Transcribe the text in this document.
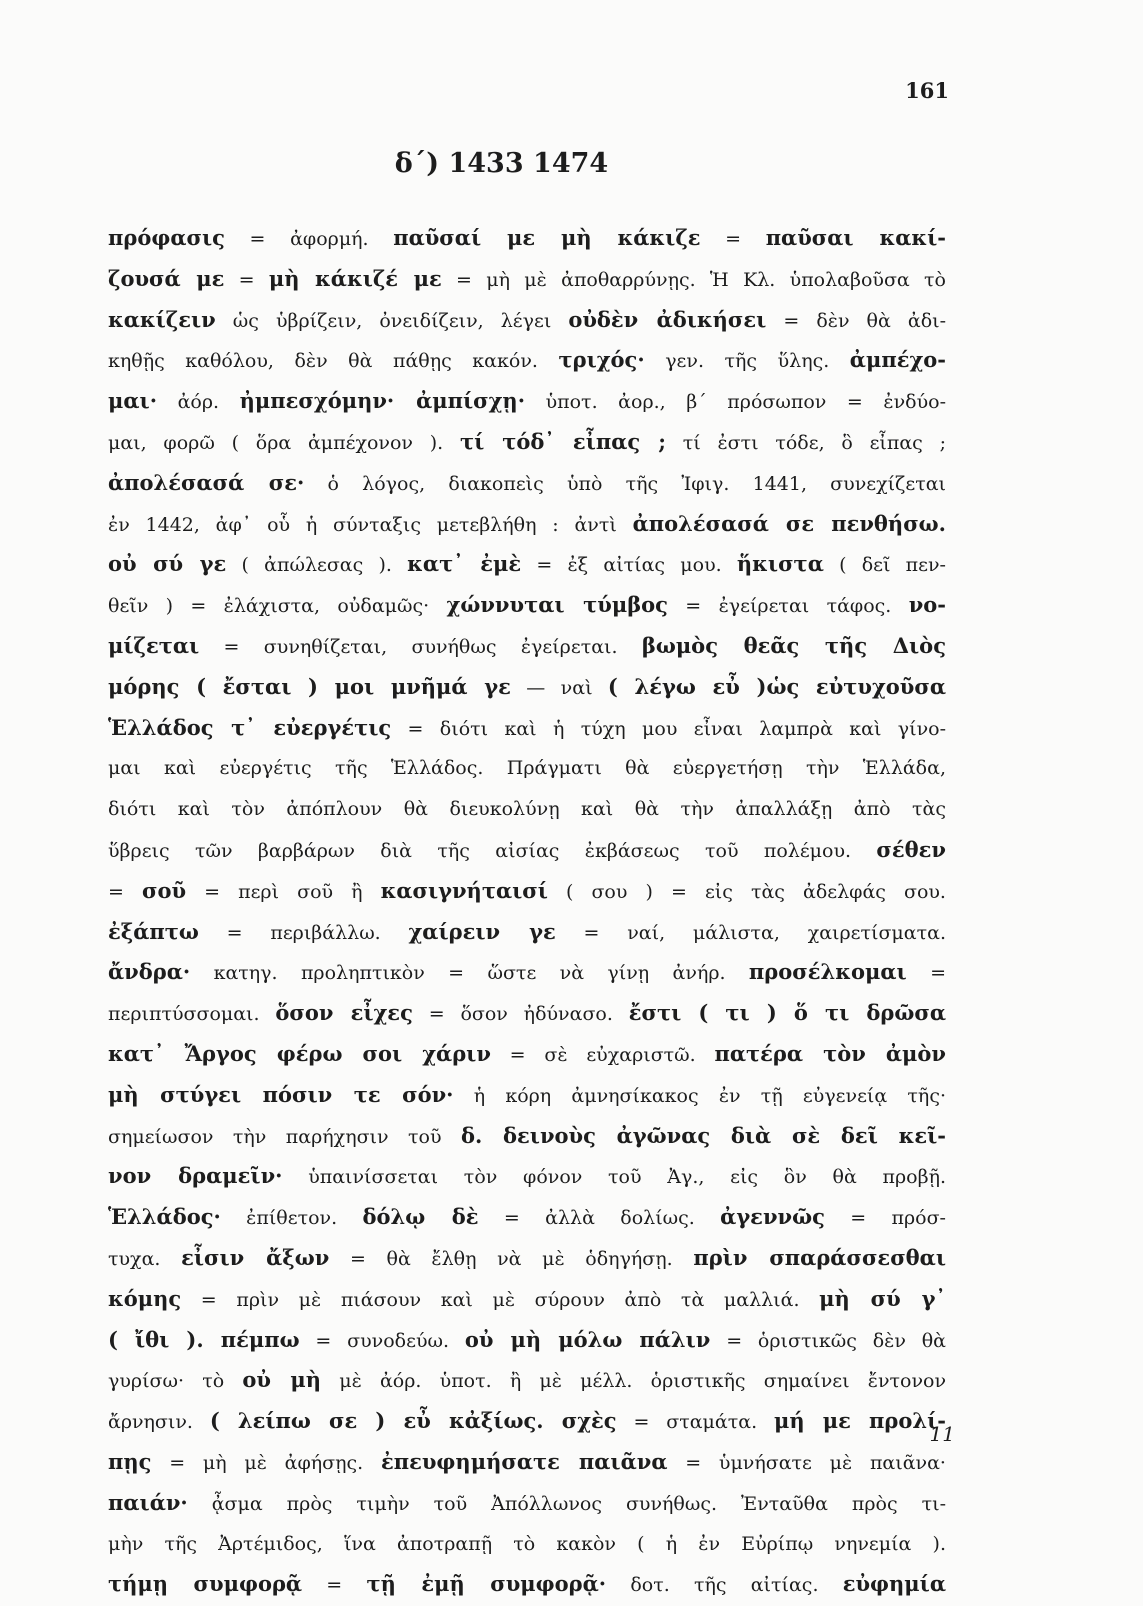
161
δ΄) 1433 1474
πρόφασις = ἀφορμή. παῦσαί με μὴ κάκιζε = παῦσαι κακί-
ζουσά με = μὴ κάκιζέ με = μὴ μὲ ἀποθαρρύνῃς. Ἡ Κλ. ὑπολαβοῦσα τὸ
κακίζειν ὡς ὑβρίζειν, ὀνειδίζειν, λέγει οὐδὲν ἀδικήσει = δὲν θὰ ἀδι-
κηθῇς καθόλου, δὲν θὰ πάθῃς κακόν. τριχός· γεν. τῆς ὕλης. ἀμπέχο-
μαι· ἀόρ. ἠμπεσχόμην· ἀμπίσχῃ· ὑποτ. ἀορ., β΄ πρόσωπον = ἐνδύο-
μαι, φορῶ ( ὅρα ἀμπέχονον ). τί τόδ᾽ εἶπας ; τί ἐστι τόδε, ὃ εἶπας ;
ἀπολέσασά σε· ὁ λόγος, διακοπεὶς ὑπὸ τῆς Ἰφιγ. 1441, συνεχίζεται
ἐν 1442, ἀφ᾽ οὗ ἡ σύνταξις μετεβλήθη : ἀντὶ ἀπολέσασά σε πενθήσω.
οὐ σύ γε ( ἀπώλεσας ). κατ᾽ ἐμὲ = ἐξ αἰτίας μου. ἥκιστα ( δεῖ πεν-
θεῖν ) = ἐλάχιστα, οὐδαμῶς· χώννυται τύμβος = ἐγείρεται τάφος. νο-
μίζεται = συνηθίζεται, συνήθως ἐγείρεται. βωμὸς θεᾶς τῆς Διὸς
μόρης ( ἔσται ) μοι μνῆμά γε — ναὶ ( λέγω εὖ )ὡς εὐτυχοῦσα
Ἑλλάδος τ᾽ εὐεργέτις = διότι καὶ ἡ τύχη μου εἶναι λαμπρὰ καὶ γίνο-
μαι καὶ εὐεργέτις τῆς Ἑλλάδος. Πράγματι θὰ εὐεργετήσῃ τὴν Ἑλλάδα,
διότι καὶ τὸν ἀπόπλουν θὰ διευκολύνῃ καὶ θὰ τὴν ἀπαλλάξῃ ἀπὸ τὰς
ὕβρεις τῶν βαρβάρων διὰ τῆς αἰσίας ἐκβάσεως τοῦ πολέμου. σέθεν
= σοῦ = περὶ σοῦ ἢ κασιγνήταισί ( σου ) = εἰς τὰς ἀδελφάς σου.
ἐξάπτω = περιβάλλω. χαίρειν γε = ναί, μάλιστα, χαιρετίσματα.
ἄνδρα· κατηγ. προληπτικὸν = ὥστε νὰ γίνῃ ἀνήρ. προσέλκομαι =
περιπτύσσομαι. ὅσον εἶχες = ὅσον ἠδύνασο. ἔστι ( τι ) ὅ τι δρῶσα
κατ᾽ Ἄργος φέρω σοι χάριν = σὲ εὐχαριστῶ. πατέρα τὸν ἀμὸν
μὴ στύγει πόσιν τε σόν· ἡ κόρη ἀμνησίκακος ἐν τῇ εὐγενείᾳ τῆς·
σημείωσον τὴν παρήχησιν τοῦ δ. δεινοὺς ἀγῶνας διὰ σὲ δεῖ κεῖ-
νον δραμεῖν· ὑπαινίσσεται τὸν φόνον τοῦ Ἀγ., εἰς ὃν θὰ προβῇ.
Ἑλλάδος· ἐπίθετον. δόλῳ δὲ = ἀλλὰ δολίως. ἀγεννῶς = πρόσ-
τυχα. εἶσιν ἄξων = θὰ ἔλθῃ νὰ μὲ ὁδηγήσῃ. πρὶν σπαράσσεσθαι
κόμης = πρὶν μὲ πιάσουν καὶ μὲ σύρουν ἀπὸ τὰ μαλλιά. μὴ σύ γ᾽
( ἴθι ). πέμπω = συνοδεύω. οὐ μὴ μόλω πάλιν = ὁριστικῶς δὲν θὰ
γυρίσω· τὸ οὐ μὴ μὲ ἀόρ. ὑποτ. ἢ μὲ μέλλ. ὁριστικῆς σημαίνει ἔντονον
ἄρνησιν. ( λείπω σε ) εὖ κἀξίως. σχὲς = σταμάτα. μή με προλί-
πῃς = μὴ μὲ ἀφήσῃς. ἐπευφημήσατε παιᾶνα = ὑμνήσατε μὲ παιᾶνα·
παιάν· ᾆσμα πρὸς τιμὴν τοῦ Ἀπόλλωνος συνήθως. Ἐνταῦθα πρὸς τι-
μὴν τῆς Ἀρτέμιδος, ἵνα ἀποτραπῇ τὸ κακὸν ( ἡ ἐν Εὐρίπῳ νηνεμία ).
τήμῃ συμφορᾷ = τῇ ἐμῇ συμφορᾷ· δοτ. τῆς αἰτίας. εὐφημία
11
